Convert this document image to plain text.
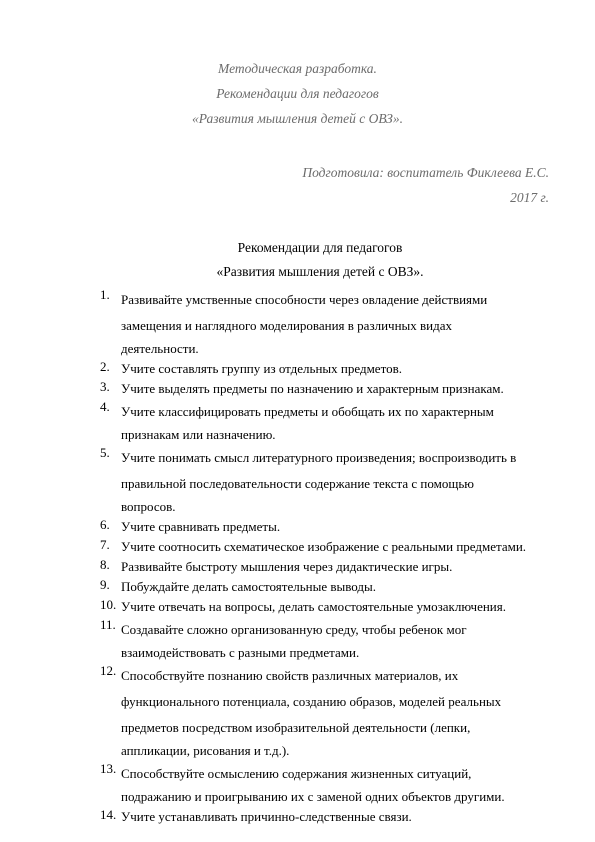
Методическая разработка.
Рекомендации для педагогов
«Развития мышления детей с ОВЗ».
Подготовила: воспитатель Фиклеева Е.С.
2017 г.
Рекомендации для педагогов
«Развития мышления детей с ОВЗ».
1. Развивайте умственные способности через овладение действиями
замещения и наглядного моделирования в различных видах
деятельности.
2. Учите составлять группу из отдельных предметов.
3. Учите выделять предметы по назначению и характерным признакам.
4. Учите классифицировать предметы и обобщать их по характерным
признакам или назначению.
5. Учите понимать смысл литературного произведения; воспроизводить в
правильной последовательности содержание текста с помощью
вопросов.
6. Учите сравнивать предметы.
7. Учите соотносить схематическое изображение с реальными предметами.
8. Развивайте быстроту мышления через дидактические игры.
9. Побуждайте делать самостоятельные выводы.
10. Учите отвечать на вопросы, делать самостоятельные умозаключения.
11. Создавайте сложно организованную среду, чтобы ребенок мог
взаимодействовать с разными предметами.
12. Способствуйте познанию свойств различных материалов, их
функционального потенциала, созданию образов, моделей реальных
предметов посредством изобразительной деятельности (лепки,
аппликации, рисования и т.д.).
13. Способствуйте осмыслению содержания жизненных ситуаций,
подражанию и проигрыванию их с заменой одних объектов другими.
14. Учите устанавливать причинно-следственные связи.
